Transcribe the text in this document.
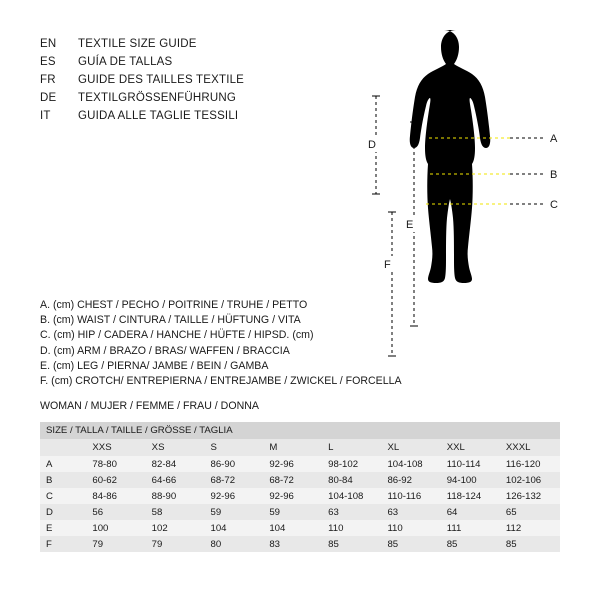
EN	TEXTILE SIZE GUIDE
ES	GUÍA DE TALLAS
FR	GUIDE DES TAILLES TEXTILE
DE	TEXTILGRÖSSENFÜHRUNG
IT	GUIDA ALLE TAGLIE TESSILI
A
B
C
D
E
F
A. (cm) CHEST / PECHO / POITRINE / TRUHE / PETTO
B. (cm) WAIST / CINTURA / TAILLE / HÜFTUNG / VITA
C. (cm) HIP / CADERA / HANCHE / HÜFTE / HIPSD. (cm)
D. (cm) ARM / BRAZO / BRAS/ WAFFEN / BRACCIA
E. (cm) LEG / PIERNA/ JAMBE / BEIN / GAMBA
F. (cm) CROTCH/ ENTREPIERNA / ENTREJAMBE / ZWICKEL / FORCELLA
WOMAN / MUJER / FEMME / FRAU / DONNA
SIZE / TALLA / TAILLE / GRÖSSE / TAGLIA								
	XXS	XS	S	M	L	XL	XXL	XXXL
A	78-80	82-84	86-90	92-96	98-102	104-108	110-114	116-120
B	60-62	64-66	68-72	68-72	80-84	86-92	94-100	102-106
C	84-86	88-90	92-96	92-96	104-108	110-116	118-124	126-132
D	56	58	59	59	63	63	64	65
E	100	102	104	104	110	110	111	112
F	79	79	80	83	85	85	85	85
